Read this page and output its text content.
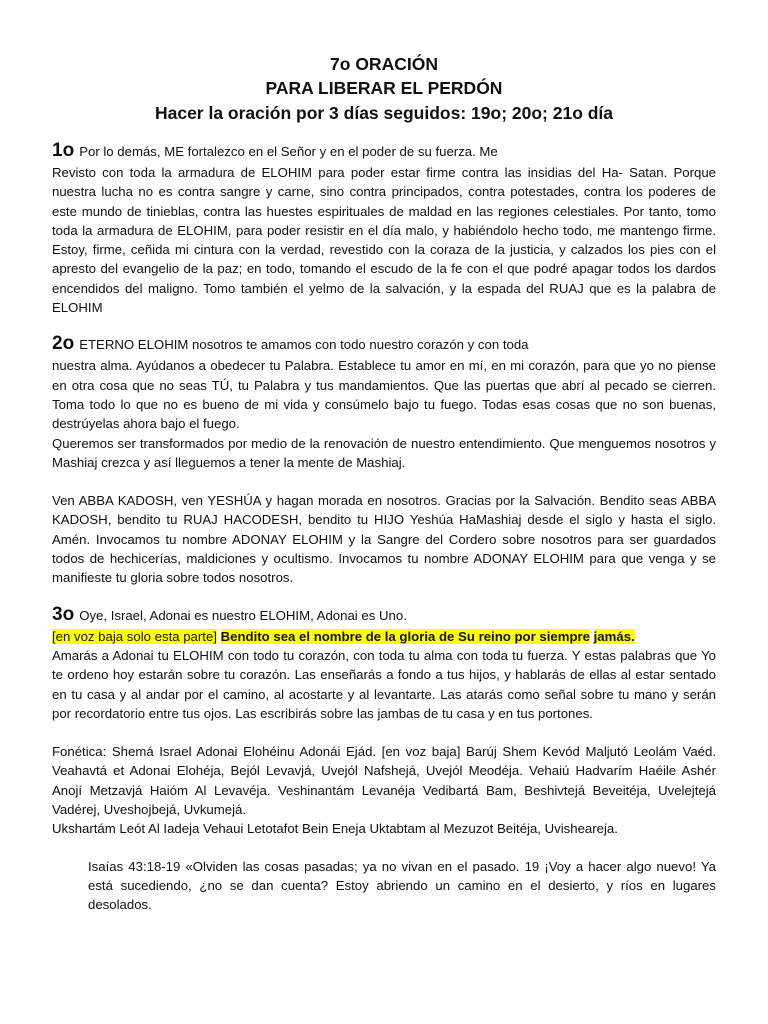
7o ORACIÓN
PARA LIBERAR EL PERDÓN
Hacer la oración por 3 días seguidos: 19o; 20o; 21o día
1o Por lo demás, ME fortalezco en el Señor y en el poder de su fuerza. Me

Revisto con toda la armadura de ELOHIM para poder estar firme contra las insidias del Ha- Satan. Porque nuestra lucha no es contra sangre y carne, sino contra principados, contra potestades, contra los poderes de este mundo de tinieblas, contra las huestes espirituales de maldad en las regiones celestiales. Por tanto, tomo toda la armadura de ELOHIM, para poder resistir en el día malo, y habiéndolo hecho todo, me mantengo firme. Estoy, firme, ceñida mi cintura con la verdad, revestido con la coraza de la justicia, y calzados los pies con el apresto del evangelio de la paz; en todo, tomando el escudo de la fe con el que podré apagar todos los dardos encendidos del maligno. Tomo también el yelmo de la salvación, y la espada del RUAJ que es la palabra de ELOHIM

2o ETERNO ELOHIM nosotros te amamos con todo nuestro corazón y con toda

nuestra alma. Ayúdanos a obedecer tu Palabra. Establece tu amor en mí, en mi corazón, para que yo no piense en otra cosa que no seas TÚ, tu Palabra y tus mandamientos. Que las puertas que abrí al pecado se cierren. Toma todo lo que no es bueno de mi vida y consúmelo bajo tu fuego. Todas esas cosas que no son buenas, destrúyelas ahora bajo el fuego.

Queremos ser transformados por medio de la renovación de nuestro entendimiento. Que menguemos nosotros y Mashiaj crezca y así lleguemos a tener la mente de Mashiaj.

Ven ABBA KADOSH, ven YESHÚA y hagan morada en nosotros. Gracias por la Salvación. Bendito seas ABBA KADOSH, bendito tu RUAJ HACODESH, bendito tu HIJO Yeshúa HaMashiaj desde el siglo y hasta el siglo. Amén. Invocamos tu nombre ADONAY ELOHIM y la Sangre del Cordero sobre nosotros para ser guardados todos de hechicerías, maldiciones y ocultismo. Invocamos tu nombre ADONAY ELOHIM para que venga y se manifieste tu gloria sobre todos nosotros.

3o Oye, Israel, Adonai es nuestro ELOHIM, Adonai es Uno.

[en voz baja solo esta parte] Bendito sea el nombre de la gloria de Su reino por siempre jamás.

Amarás a Adonai tu ELOHIM con todo tu corazón, con toda tu alma con toda tu fuerza. Y estas palabras que Yo te ordeno hoy estarán sobre tu corazón. Las enseñarás a fondo a tus hijos, y hablarás de ellas al estar sentado en tu casa y al andar por el camino, al acostarte y al levantarte. Las atarás como señal sobre tu mano y serán por recordatorio entre tus ojos. Las escribirás sobre las jambas de tu casa y en tus portones.

Fonética: Shemá Israel Adonai Elohéinu Adonái Ejád. [en voz baja] Barúj Shem Kevód Maljutó Leolám Vaéd. Veahavtá et Adonai Elohéja, Bejól Levavjá, Uvejól Nafshejá, Uvejól Meodéja. Vehaiú Hadvarím Haéile Ashér Anojí Metzavjá Haióm Al Levavéja. Veshinantám Levanéja Vedibartá Bam, Beshivtejá Beveitéja, Uvelejtejá Vadérej, Uveshojbejá, Uvkumejá.

Ukshartám Leót Al Iadeja Vehaui Letotafot Bein Eneja Uktabtam al Mezuzot Beitéja, Uvisheareja.

Isaías 43:18-19 «Olviden las cosas pasadas; ya no vivan en el pasado. 19 ¡Voy a hacer algo nuevo! Ya está sucediendo, ¿no se dan cuenta? Estoy abriendo un camino en el desierto, y ríos en lugares desolados.
